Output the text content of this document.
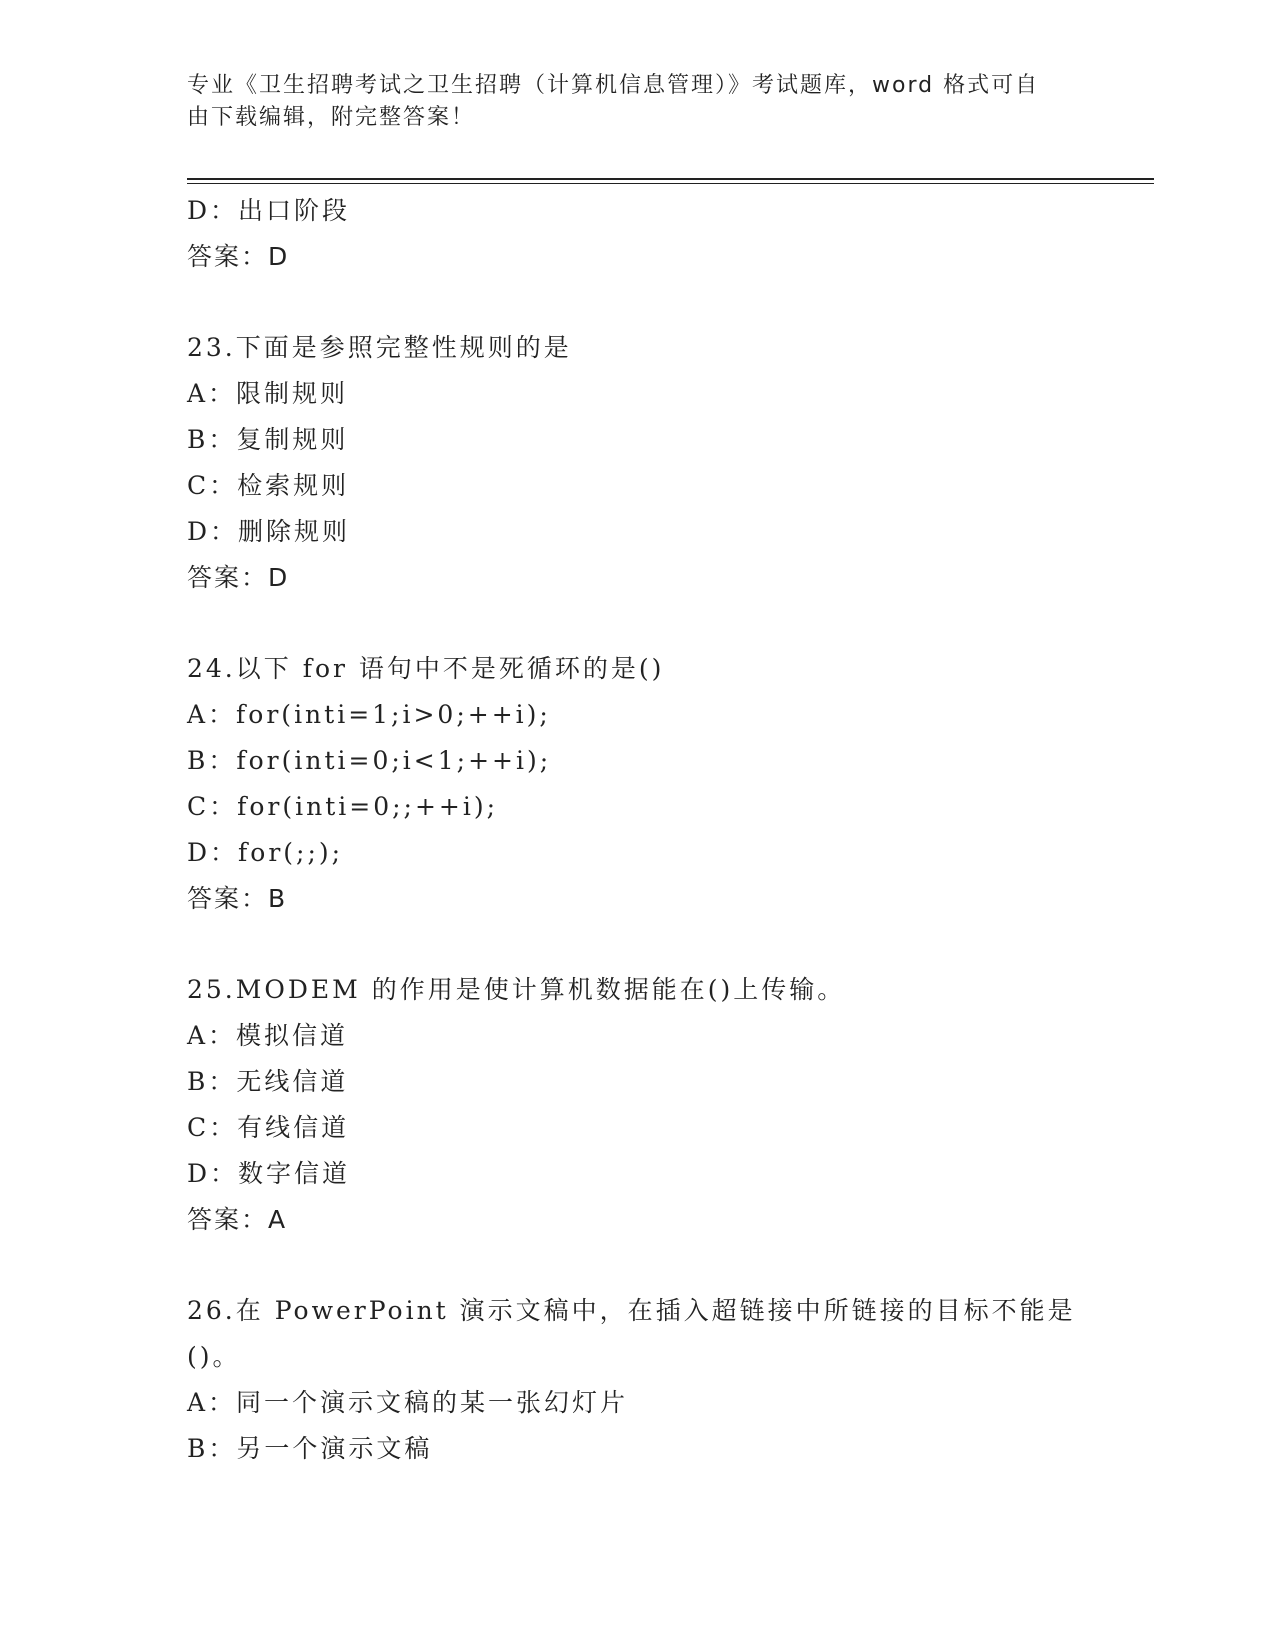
专业《卫生招聘考试之卫生招聘（计算机信息管理）》考试题库，word 格式可自
由下载编辑，附完整答案！
D：出口阶段
答案：D
23.下面是参照完整性规则的是
A：限制规则
B：复制规则
C：检索规则
D：删除规则
答案：D
24.以下 for 语句中不是死循环的是()
A：for(inti=1;i>0;++i);
B：for(inti=0;i<1;++i);
C：for(inti=0;;++i);
D：for(;;);
答案：B
25.MODEM 的作用是使计算机数据能在()上传输。
A：模拟信道
B：无线信道
C：有线信道
D：数字信道
答案：A
26.在 PowerPoint 演示文稿中，在插入超链接中所链接的目标不能是
()。
A：同一个演示文稿的某一张幻灯片
B：另一个演示文稿
